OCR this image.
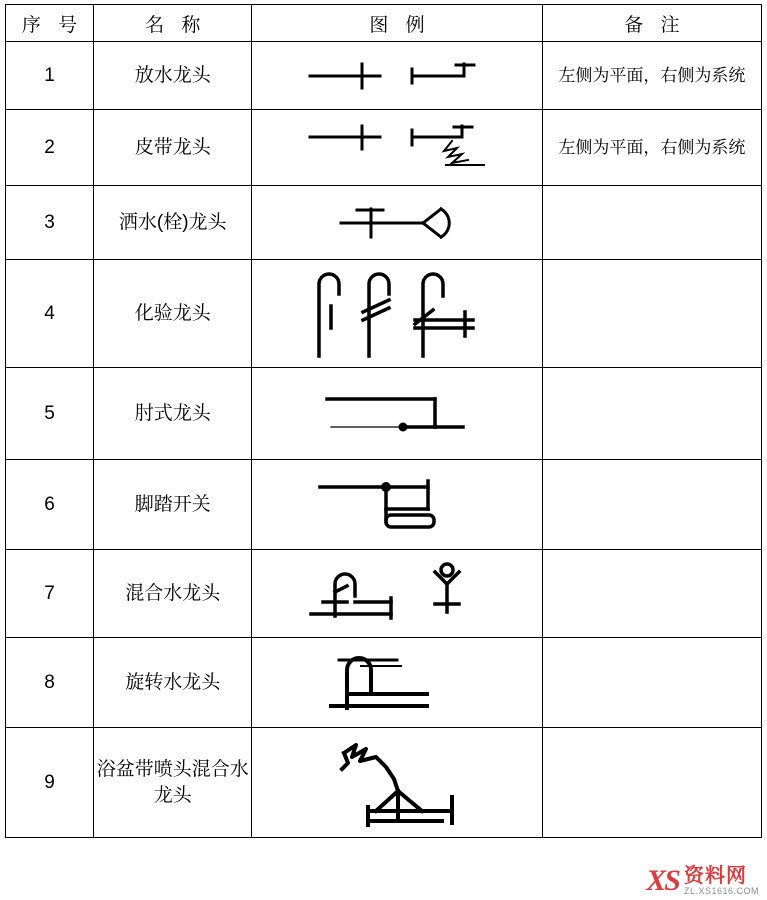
序 号	名 称	图 例	备 注
1	放水龙头		左侧为平面，右侧为系统
2	皮带龙头		左侧为平面，右侧为系统
3	洒水(栓)龙头	

4	化验龙头	

5	肘式龙头	

6	脚踏开关	

7	混合水龙头	

8	旋转水龙头	

9	浴盆带喷头混合水龙头	

XS 资料网
ZL.XS1616.COM
